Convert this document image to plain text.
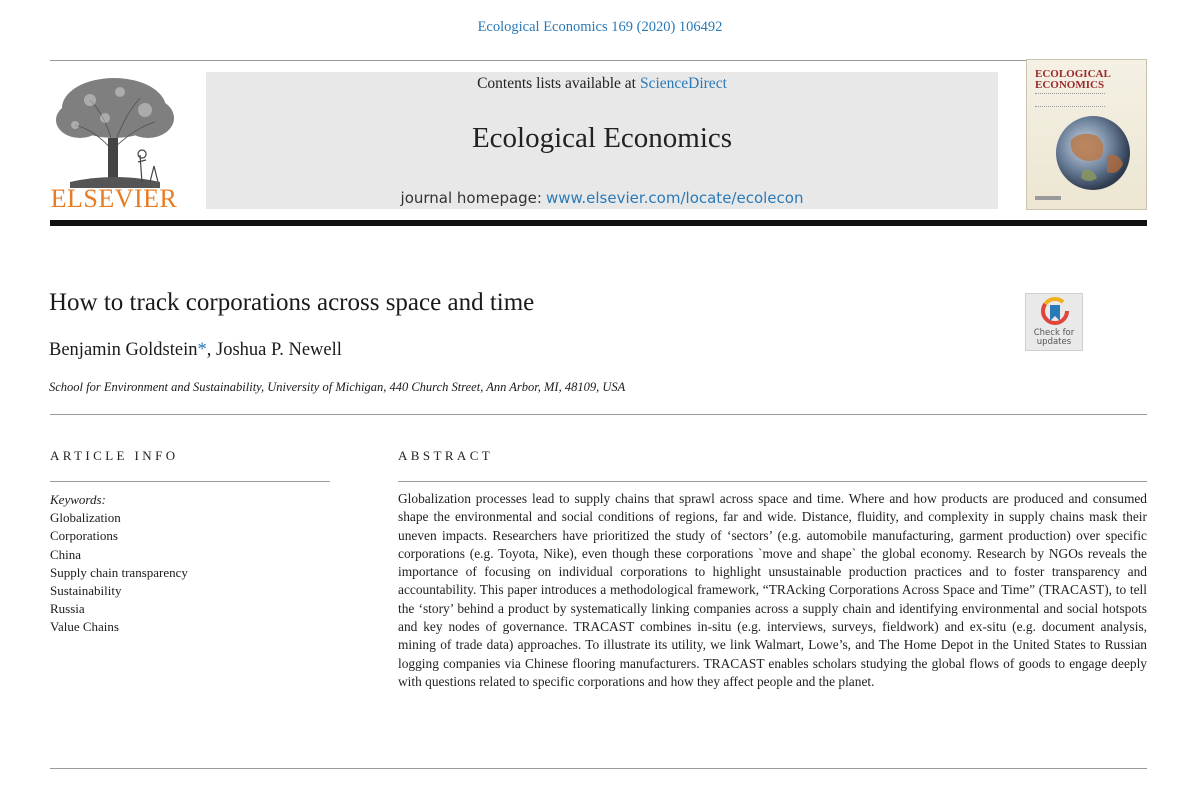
Ecological Economics 169 (2020) 106492
ELSEVIER
Contents lists available at ScienceDirect
Ecological Economics
journal homepage: www.elsevier.com/locate/ecolecon
ECOLOGICAL
ECONOMICS
How to track corporations across space and time
Benjamin Goldstein*, Joshua P. Newell
School for Environment and Sustainability, University of Michigan, 440 Church Street, Ann Arbor, MI, 48109, USA
Check for updates
ARTICLE INFO	ABSTRACT
Keywords:
Globalization
Corporations
China
Supply chain transparency
Sustainability
Russia
Value Chains

Globalization processes lead to supply chains that sprawl across space and time. Where and how products are produced and consumed shape the environmental and social conditions of regions, far and wide. Distance, fluidity, and complexity in supply chains mask their uneven impacts. Researchers have prioritized the study of ‘sectors’ (e.g. automobile manufacturing, garment production) over specific corporations (e.g. Toyota, Nike), even though these corporations `move and shape` the global economy. Research by NGOs reveals the importance of focusing on individual corporations to highlight unsustainable production practices and to foster transparency and accountability. This paper introduces a methodological framework, “TRAcking Corporations Across Space and Time” (TRACAST), to tell the ‘story’ behind a product by systematically linking companies across a supply chain and identifying environmental and social hotspots and key nodes of governance. TRACAST combines in-situ (e.g. interviews, surveys, fieldwork) and ex-situ (e.g. document analysis, mining of trade data) approaches. To illustrate its utility, we link Walmart, Lowe’s, and The Home Depot in the United States to Russian logging companies via Chinese flooring manufacturers. TRACAST enables scholars studying the global flows of goods to engage deeply with questions related to specific corporations and how they affect people and the planet.
